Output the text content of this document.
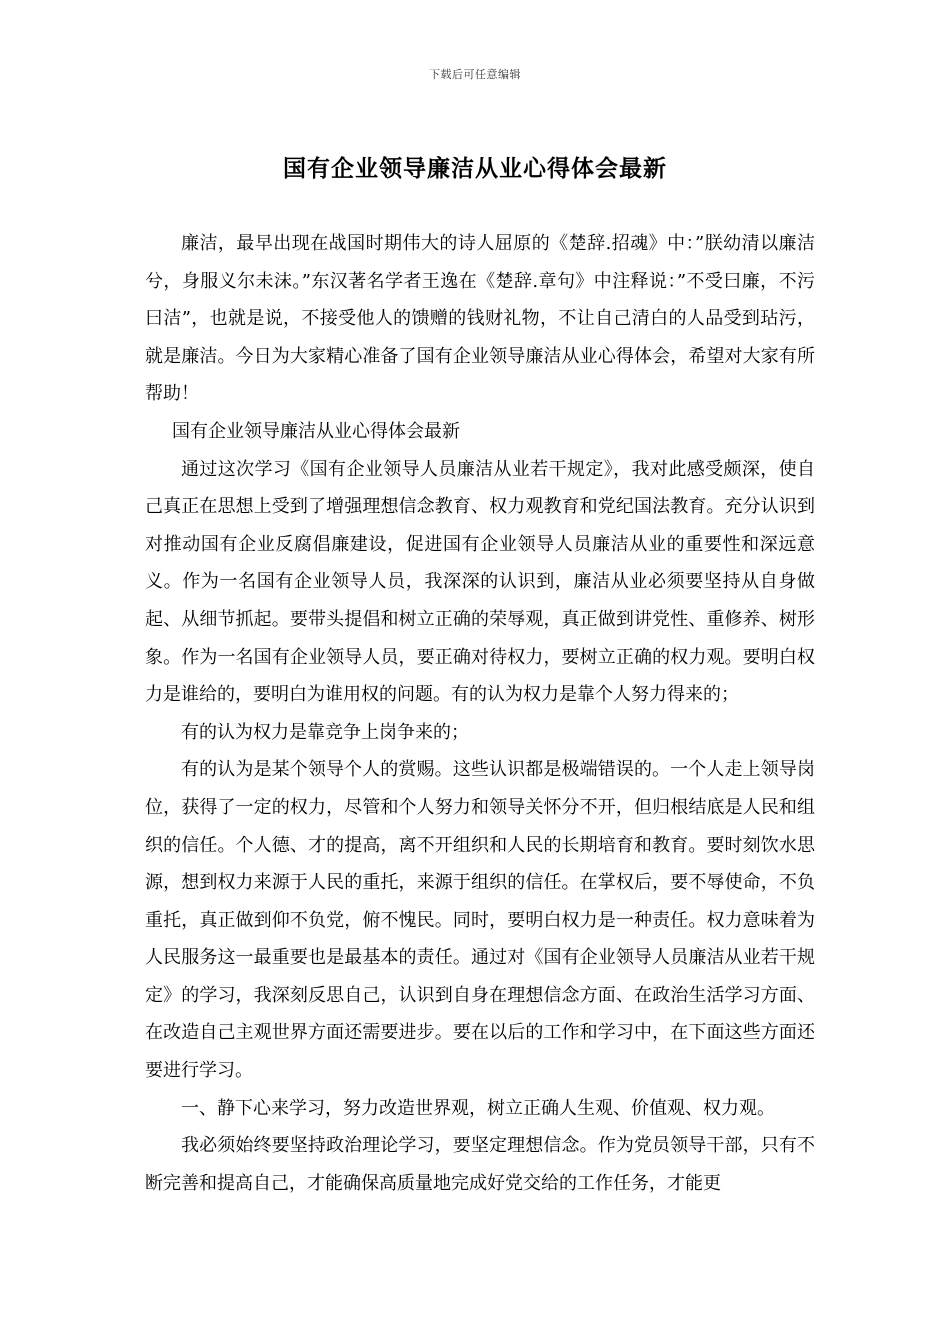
下载后可任意编辑
国有企业领导廉洁从业心得体会最新

廉洁，最早出现在战国时期伟大的诗人屈原的《楚辞.招魂》中：”朕幼清以廉洁兮，身服义尔未沫。”东汉著名学者王逸在《楚辞.章句》中注释说：”不受曰廉，不污曰洁”，也就是说，不接受他人的馈赠的钱财礼物，不让自己清白的人品受到玷污，就是廉洁。今日为大家精心准备了国有企业领导廉洁从业心得体会，希望对大家有所帮助！

国有企业领导廉洁从业心得体会最新

通过这次学习《国有企业领导人员廉洁从业若干规定》，我对此感受颇深，使自己真正在思想上受到了增强理想信念教育、权力观教育和党纪国法教育。充分认识到对推动国有企业反腐倡廉建设，促进国有企业领导人员廉洁从业的重要性和深远意义。作为一名国有企业领导人员，我深深的认识到，廉洁从业必须要坚持从自身做起、从细节抓起。要带头提倡和树立正确的荣辱观，真正做到讲党性、重修养、树形象。作为一名国有企业领导人员，要正确对待权力，要树立正确的权力观。要明白权力是谁给的，要明白为谁用权的问题。有的认为权力是靠个人努力得来的；

有的认为权力是靠竞争上岗争来的；

有的认为是某个领导个人的赏赐。这些认识都是极端错误的。一个人走上领导岗位，获得了一定的权力，尽管和个人努力和领导关怀分不开，但归根结底是人民和组织的信任。个人德、才的提高，离不开组织和人民的长期培育和教育。要时刻饮水思源，想到权力来源于人民的重托，来源于组织的信任。在掌权后，要不辱使命，不负重托，真正做到仰不负党，俯不愧民。同时，要明白权力是一种责任。权力意味着为人民服务这一最重要也是最基本的责任。通过对《国有企业领导人员廉洁从业若干规定》的学习，我深刻反思自己，认识到自身在理想信念方面、在政治生活学习方面、在改造自己主观世界方面还需要进步。要在以后的工作和学习中，在下面这些方面还要进行学习。

一、静下心来学习，努力改造世界观，树立正确人生观、价值观、权力观。

我必须始终要坚持政治理论学习，要坚定理想信念。作为党员领导干部，只有不断完善和提高自己，才能确保高质量地完成好党交给的工作任务，才能更
